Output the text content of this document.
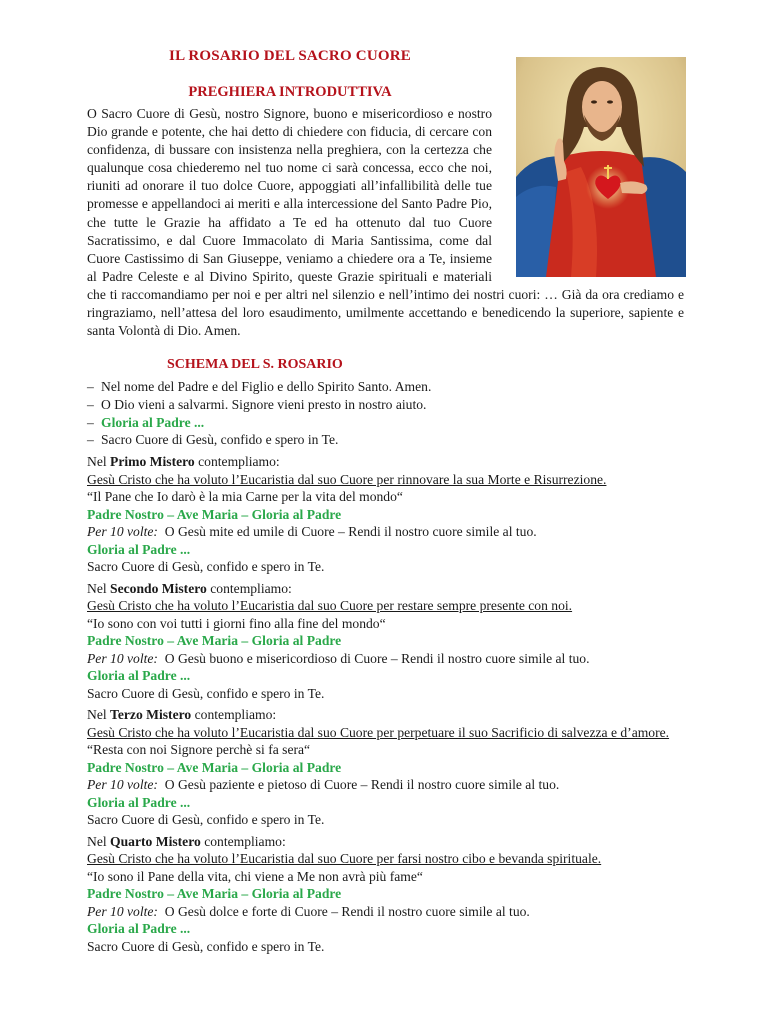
IL ROSARIO DEL SACRO CUORE
PREGHIERA INTRODUTTIVA

O Sacro Cuore di Gesù, nostro Signore, buono e misericordioso e nostro Dio grande e potente, che hai detto di chiedere con fiducia, di cercare con confidenza, di bussare con insistenza nella preghiera, con la certezza che qualunque cosa chiederemo nel tuo nome ci sarà concessa, ecco che noi, riuniti ad onorare il tuo dolce Cuore, appoggiati all’infallibilità delle tue promesse e appellandoci ai meriti e alla intercessione del Santo Padre Pio, che tutte le Grazie ha affidato a Te ed ha ottenuto dal tuo Cuore Sacratissimo, e dal Cuore Immacolato di Maria Santissima, come dal Cuore Castissimo di San Giuseppe, veniamo a chiedere ora a Te, insieme al Padre Celeste e al Divino Spirito, queste Grazie spirituali e materiali che ti raccomandiamo per noi e per altri nel silenzio e nell’intimo dei nostri cuori: … Già da ora crediamo e ringraziamo, nell’attesa del loro esaudimento, umilmente accettando e benedicendo la superiore, sapiente e santa Volontà di Dio. Amen.

SCHEMA DEL S. ROSARIO
– Nel nome del Padre e del Figlio e dello Spirito Santo. Amen.
– O Dio vieni a salvarmi. Signore vieni presto in nostro aiuto.
– Gloria al Padre ...
– Sacro Cuore di Gesù, confido e spero in Te.
Nel Primo Mistero contempliamo:
Gesù Cristo che ha voluto l’Eucaristia dal suo Cuore per rinnovare la sua Morte e Risurrezione.
“Il Pane che Io darò è la mia Carne per la vita del mondo“
Padre Nostro – Ave Maria – Gloria al Padre
Per 10 volte: O Gesù mite ed umile di Cuore – Rendi il nostro cuore simile al tuo.
Gloria al Padre ...
Sacro Cuore di Gesù, confido e spero in Te.
Nel Secondo Mistero contempliamo:
Gesù Cristo che ha voluto l’Eucaristia dal suo Cuore per restare sempre presente con noi.
“Io sono con voi tutti i giorni fino alla fine del mondo“
Padre Nostro – Ave Maria – Gloria al Padre
Per 10 volte: O Gesù buono e misericordioso di Cuore – Rendi il nostro cuore simile al tuo.
Gloria al Padre ...
Sacro Cuore di Gesù, confido e spero in Te.
Nel Terzo Mistero contempliamo:
Gesù Cristo che ha voluto l’Eucaristia dal suo Cuore per perpetuare il suo Sacrificio di salvezza e d’amore.
“Resta con noi Signore perchè si fa sera“
Padre Nostro – Ave Maria – Gloria al Padre
Per 10 volte: O Gesù paziente e pietoso di Cuore – Rendi il nostro cuore simile al tuo.
Gloria al Padre ...
Sacro Cuore di Gesù, confido e spero in Te.
Nel Quarto Mistero contempliamo:
Gesù Cristo che ha voluto l’Eucaristia dal suo Cuore per farsi nostro cibo e bevanda spirituale.
“Io sono il Pane della vita, chi viene a Me non avrà più fame“
Padre Nostro – Ave Maria – Gloria al Padre
Per 10 volte: O Gesù dolce e forte di Cuore – Rendi il nostro cuore simile al tuo.
Gloria al Padre ...
Sacro Cuore di Gesù, confido e spero in Te.
